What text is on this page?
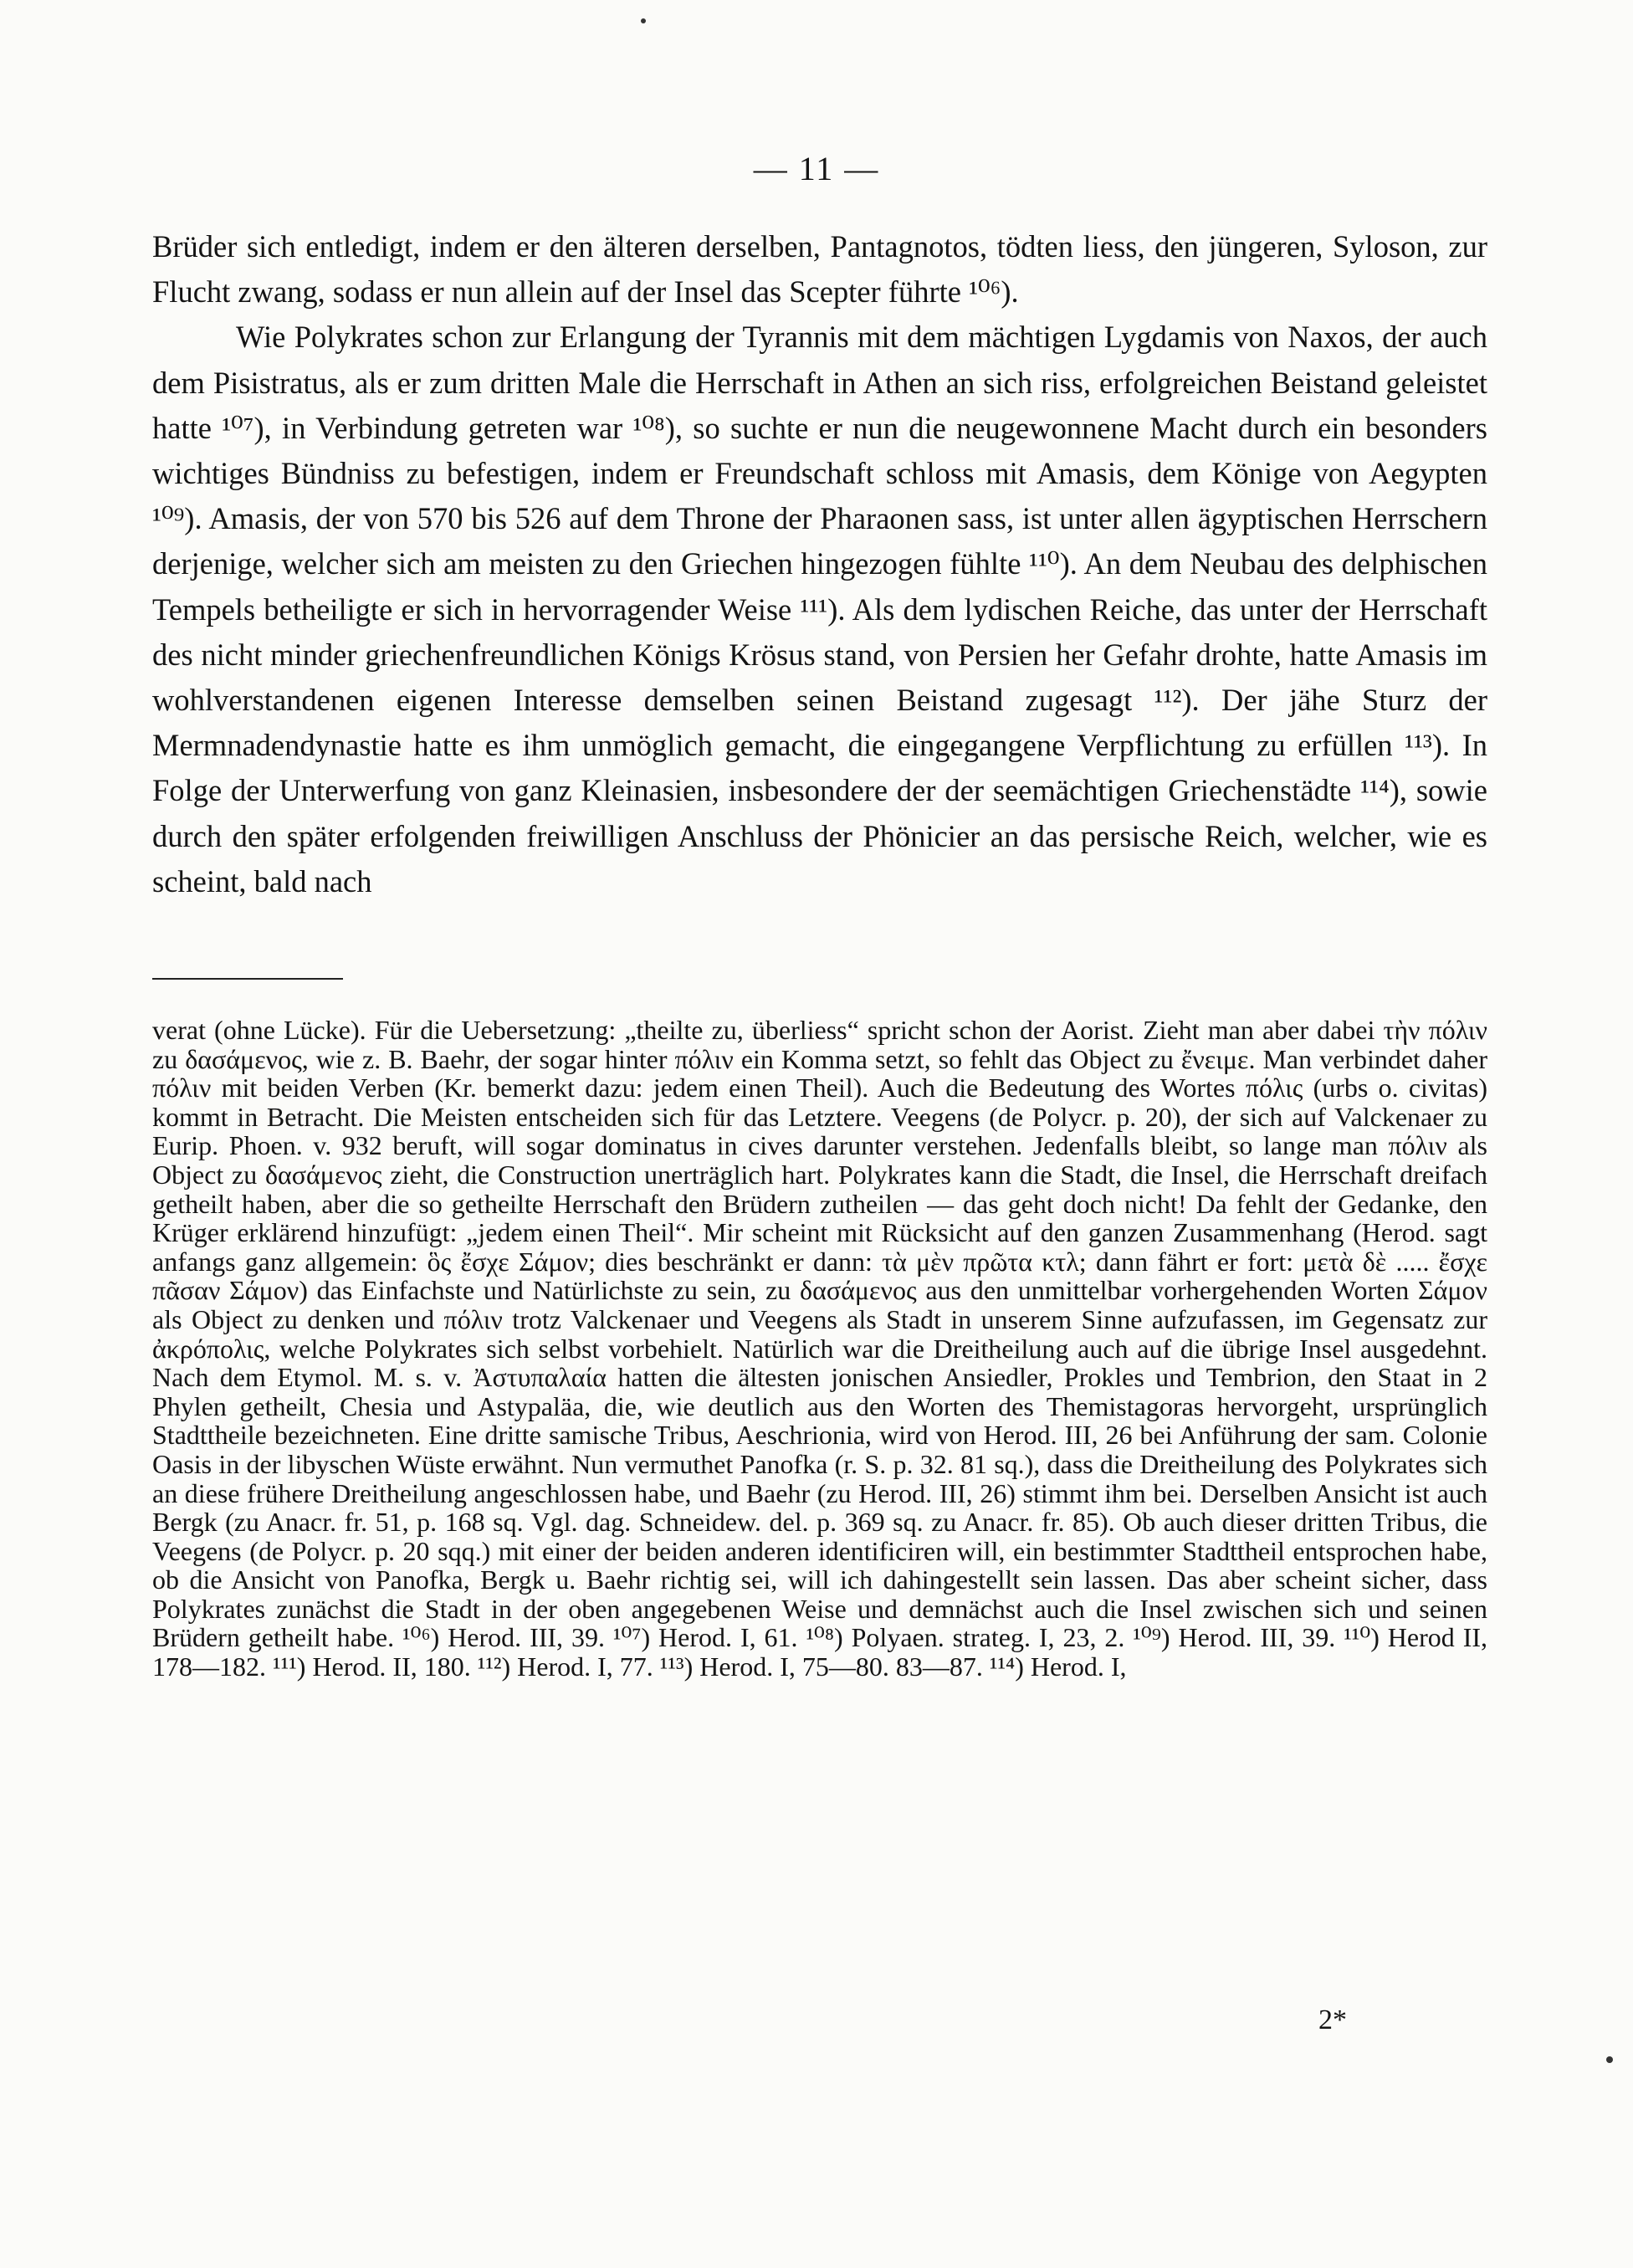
— 11 —

Brüder sich entledigt, indem er den älteren derselben, Pantagnotos, tödten liess, den jüngeren, Syloson, zur Flucht zwang, sodass er nun allein auf der Insel das Scepter führte ¹⁰⁶).

Wie Polykrates schon zur Erlangung der Tyrannis mit dem mächtigen Lygdamis von Naxos, der auch dem Pisistratus, als er zum dritten Male die Herrschaft in Athen an sich riss, erfolgreichen Beistand geleistet hatte ¹⁰⁷), in Verbindung getreten war ¹⁰⁸), so suchte er nun die neugewonnene Macht durch ein besonders wichtiges Bündniss zu befestigen, indem er Freundschaft schloss mit Amasis, dem Könige von Aegypten ¹⁰⁹). Amasis, der von 570 bis 526 auf dem Throne der Pharaonen sass, ist unter allen ägyptischen Herrschern derjenige, welcher sich am meisten zu den Griechen hingezogen fühlte ¹¹⁰). An dem Neubau des delphischen Tempels betheiligte er sich in hervorragender Weise ¹¹¹). Als dem lydischen Reiche, das unter der Herrschaft des nicht minder griechenfreundlichen Königs Krösus stand, von Persien her Gefahr drohte, hatte Amasis im wohlverstandenen eigenen Interesse demselben seinen Beistand zugesagt ¹¹²). Der jähe Sturz der Mermnadendynastie hatte es ihm unmöglich gemacht, die eingegangene Verpflichtung zu erfüllen ¹¹³). In Folge der Unterwerfung von ganz Kleinasien, insbesondere der der seemächtigen Griechenstädte ¹¹⁴), sowie durch den später erfolgenden freiwilligen Anschluss der Phönicier an das persische Reich, welcher, wie es scheint, bald nach

verat (ohne Lücke). Für die Uebersetzung: „theilte zu, überliess“ spricht schon der Aorist. Zieht man aber dabei τὴν πόλιν zu δασάμενος, wie z. B. Baehr, der sogar hinter πόλιν ein Komma setzt, so fehlt das Object zu ἔνειμε. Man verbindet daher πόλιν mit beiden Verben (Kr. bemerkt dazu: jedem einen Theil). Auch die Bedeutung des Wortes πόλις (urbs o. civitas) kommt in Betracht. Die Meisten entscheiden sich für das Letztere. Veegens (de Polycr. p. 20), der sich auf Valckenaer zu Eurip. Phoen. v. 932 beruft, will sogar dominatus in cives darunter verstehen. Jedenfalls bleibt, so lange man πόλιν als Object zu δασάμενος zieht, die Construction unerträglich hart. Polykrates kann die Stadt, die Insel, die Herrschaft dreifach getheilt haben, aber die so getheilte Herrschaft den Brüdern zutheilen — das geht doch nicht! Da fehlt der Gedanke, den Krüger erklärend hinzufügt: „jedem einen Theil“. Mir scheint mit Rücksicht auf den ganzen Zusammenhang (Herod. sagt anfangs ganz allgemein: ὃς ἔσχε Σάμον; dies beschränkt er dann: τὰ μὲν πρῶτα κτλ; dann fährt er fort: μετὰ δὲ ..... ἔσχε πᾶσαν Σάμον) das Einfachste und Natürlichste zu sein, zu δασάμενος aus den unmittelbar vorhergehenden Worten Σάμον als Object zu denken und πόλιν trotz Valckenaer und Veegens als Stadt in unserem Sinne aufzufassen, im Gegensatz zur ἀκρόπολις, welche Polykrates sich selbst vorbehielt. Natürlich war die Dreitheilung auch auf die übrige Insel ausgedehnt. Nach dem Etymol. M. s. v. Ἀστυπαλαία hatten die ältesten jonischen Ansiedler, Prokles und Tembrion, den Staat in 2 Phylen getheilt, Chesia und Astypaläa, die, wie deutlich aus den Worten des Themistagoras hervorgeht, ursprünglich Stadttheile bezeichneten. Eine dritte samische Tribus, Aeschrionia, wird von Herod. III, 26 bei Anführung der sam. Colonie Oasis in der libyschen Wüste erwähnt. Nun vermuthet Panofka (r. S. p. 32. 81 sq.), dass die Dreitheilung des Polykrates sich an diese frühere Dreitheilung angeschlossen habe, und Baehr (zu Herod. III, 26) stimmt ihm bei. Derselben Ansicht ist auch Bergk (zu Anacr. fr. 51, p. 168 sq. Vgl. dag. Schneidew. del. p. 369 sq. zu Anacr. fr. 85). Ob auch dieser dritten Tribus, die Veegens (de Polycr. p. 20 sqq.) mit einer der beiden anderen identificiren will, ein bestimmter Stadttheil entsprochen habe, ob die Ansicht von Panofka, Bergk u. Baehr richtig sei, will ich dahingestellt sein lassen. Das aber scheint sicher, dass Polykrates zunächst die Stadt in der oben angegebenen Weise und demnächst auch die Insel zwischen sich und seinen Brüdern getheilt habe. ¹⁰⁶) Herod. III, 39. ¹⁰⁷) Herod. I, 61. ¹⁰⁸) Polyaen. strateg. I, 23, 2. ¹⁰⁹) Herod. III, 39. ¹¹⁰) Herod II, 178—182. ¹¹¹) Herod. II, 180. ¹¹²) Herod. I, 77. ¹¹³) Herod. I, 75—80. 83—87. ¹¹⁴) Herod. I,

2*
